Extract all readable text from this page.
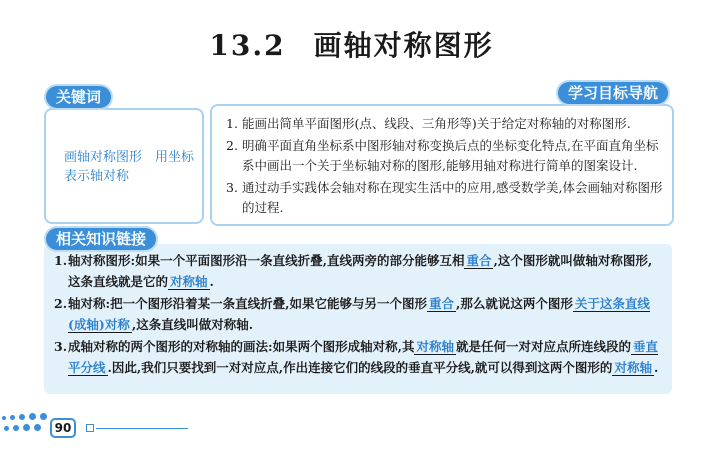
13.2 画轴对称图形
画轴对称图形　用坐标表示轴对称
关键词
1. 能画出简单平面图形(点、线段、三角形等)关于给定对称轴的对称图形.
2. 明确平面直角坐标系中图形轴对称变换后点的坐标变化特点,在平面直角坐标系中画出一个关于坐标轴对称的图形,能够用轴对称进行简单的图案设计.
3. 通过动手实践体会轴对称在现实生活中的应用,感受数学美,体会画轴对称图形的过程.
学习目标导航
1. 轴对称图形:如果一个平面图形沿一条直线折叠,直线两旁的部分能够互相 重合 ,这个图形就叫做轴对称图形,这条直线就是它的 对称轴 .
2. 轴对称:把一个图形沿着某一条直线折叠,如果它能够与另一个图形 重合 ,那么就说这两个图形 关于这条直线(成轴)对称 ,这条直线叫做对称轴.
3. 成轴对称的两个图形的对称轴的画法:如果两个图形成轴对称,其 对称轴 就是任何一对对应点所连线段的 垂直平分线 .因此,我们只要找到一对对应点,作出连接它们的线段的垂直平分线,就可以得到这两个图形的 对称轴 .
相关知识链接
90
